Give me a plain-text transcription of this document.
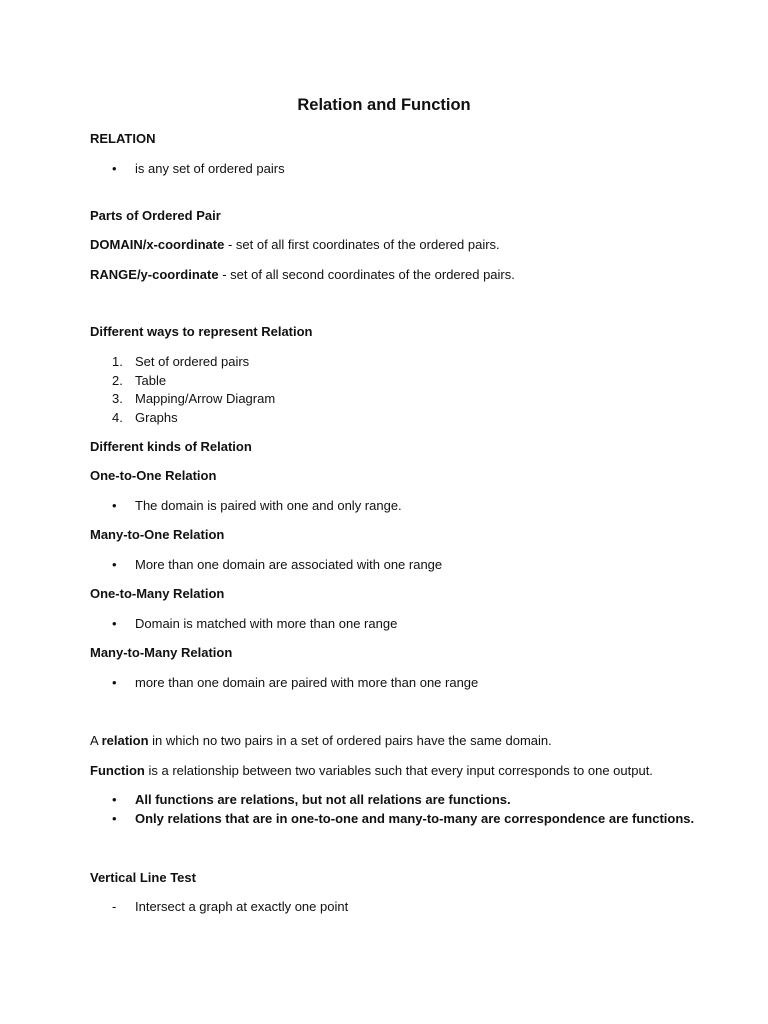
Relation and Function
RELATION
•	is any set of ordered pairs
Parts of Ordered Pair
DOMAIN/x-coordinate - set of all first coordinates of the ordered pairs.
RANGE/y-coordinate - set of all second coordinates of the ordered pairs.
Different ways to represent Relation
1. Set of ordered pairs
2. Table
3. Mapping/Arrow Diagram
4. Graphs
Different kinds of Relation
One-to-One Relation
•	The domain is paired with one and only range.
Many-to-One Relation
•	More than one domain are associated with one range
One-to-Many Relation
•	Domain is matched with more than one range
Many-to-Many Relation
•	more than one domain are paired with more than one range
A relation in which no two pairs in a set of ordered pairs have the same domain.
Function is a relationship between two variables such that every input corresponds to one output.
•	All functions are relations, but not all relations are functions.
•	Only relations that are in one-to-one and many-to-many are correspondence are functions.
Vertical Line Test
-	Intersect a graph at exactly one point
